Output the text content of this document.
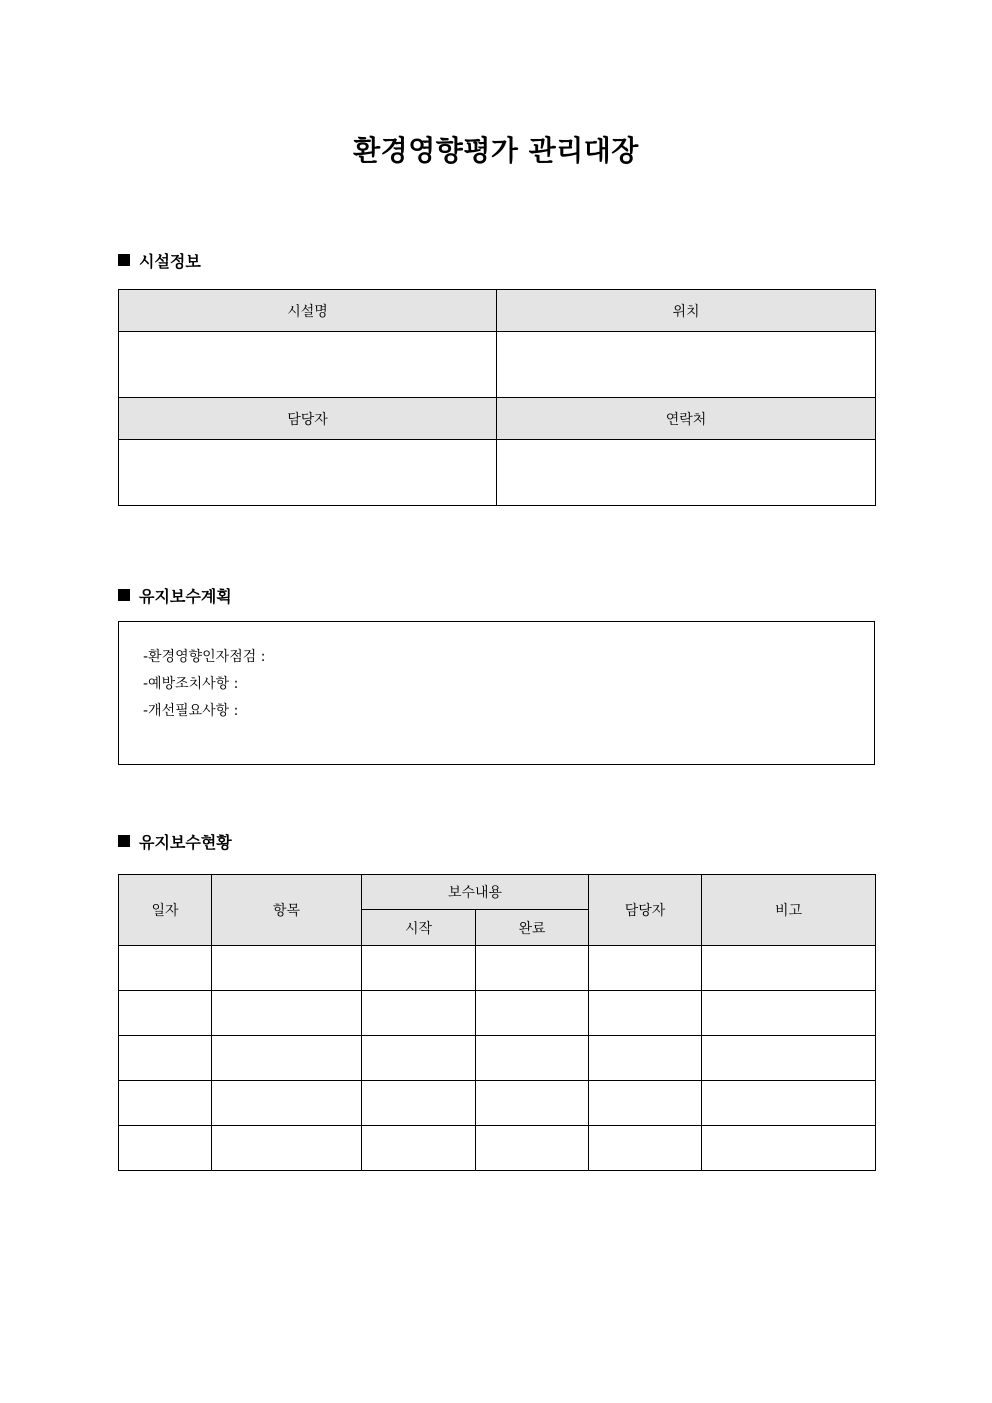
환경영향평가 관리대장
시설정보
시설명	위치

담당자	연락처

유지보수계획
-환경영향인자점검 :
-예방조치사항 :
-개선필요사항 :
유지보수현황
일자	항목	보수내용		담당자	비고
		시작	완료		
